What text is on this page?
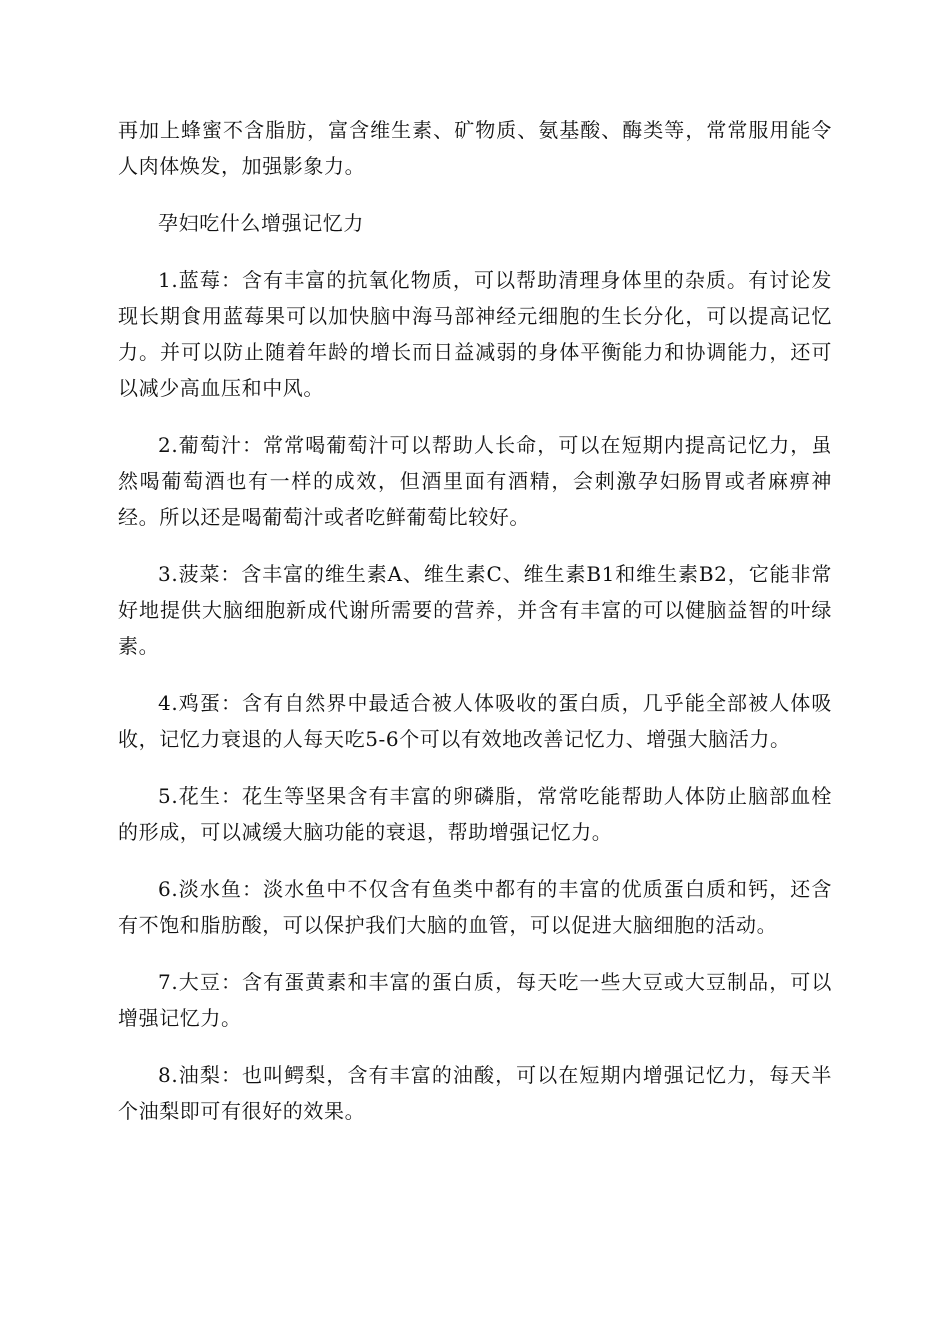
再加上蜂蜜不含脂肪，富含维生素、矿物质、氨基酸、酶类等，常常服用能令人肉体焕发，加强影象力。

孕妇吃什么增强记忆力

1.蓝莓：含有丰富的抗氧化物质，可以帮助清理身体里的杂质。有讨论发现长期食用蓝莓果可以加快脑中海马部神经元细胞的生长分化，可以提高记忆力。并可以防止随着年龄的增长而日益减弱的身体平衡能力和协调能力，还可以减少高血压和中风。

2.葡萄汁：常常喝葡萄汁可以帮助人长命，可以在短期内提高记忆力，虽然喝葡萄酒也有一样的成效，但酒里面有酒精，会刺激孕妇肠胃或者麻痹神经。所以还是喝葡萄汁或者吃鲜葡萄比较好。

3.菠菜：含丰富的维生素A、维生素C、维生素B1和维生素B2，它能非常好地提供大脑细胞新成代谢所需要的营养，并含有丰富的可以健脑益智的叶绿素。

4.鸡蛋：含有自然界中最适合被人体吸收的蛋白质，几乎能全部被人体吸收，记忆力衰退的人每天吃5-6个可以有效地改善记忆力、增强大脑活力。

5.花生：花生等坚果含有丰富的卵磷脂，常常吃能帮助人体防止脑部血栓的形成，可以减缓大脑功能的衰退，帮助增强记忆力。

6.淡水鱼：淡水鱼中不仅含有鱼类中都有的丰富的优质蛋白质和钙，还含有不饱和脂肪酸，可以保护我们大脑的血管，可以促进大脑细胞的活动。

7.大豆：含有蛋黄素和丰富的蛋白质，每天吃一些大豆或大豆制品，可以增强记忆力。

8.油梨：也叫鳄梨，含有丰富的油酸，可以在短期内增强记忆力，每天半个油梨即可有很好的效果。
